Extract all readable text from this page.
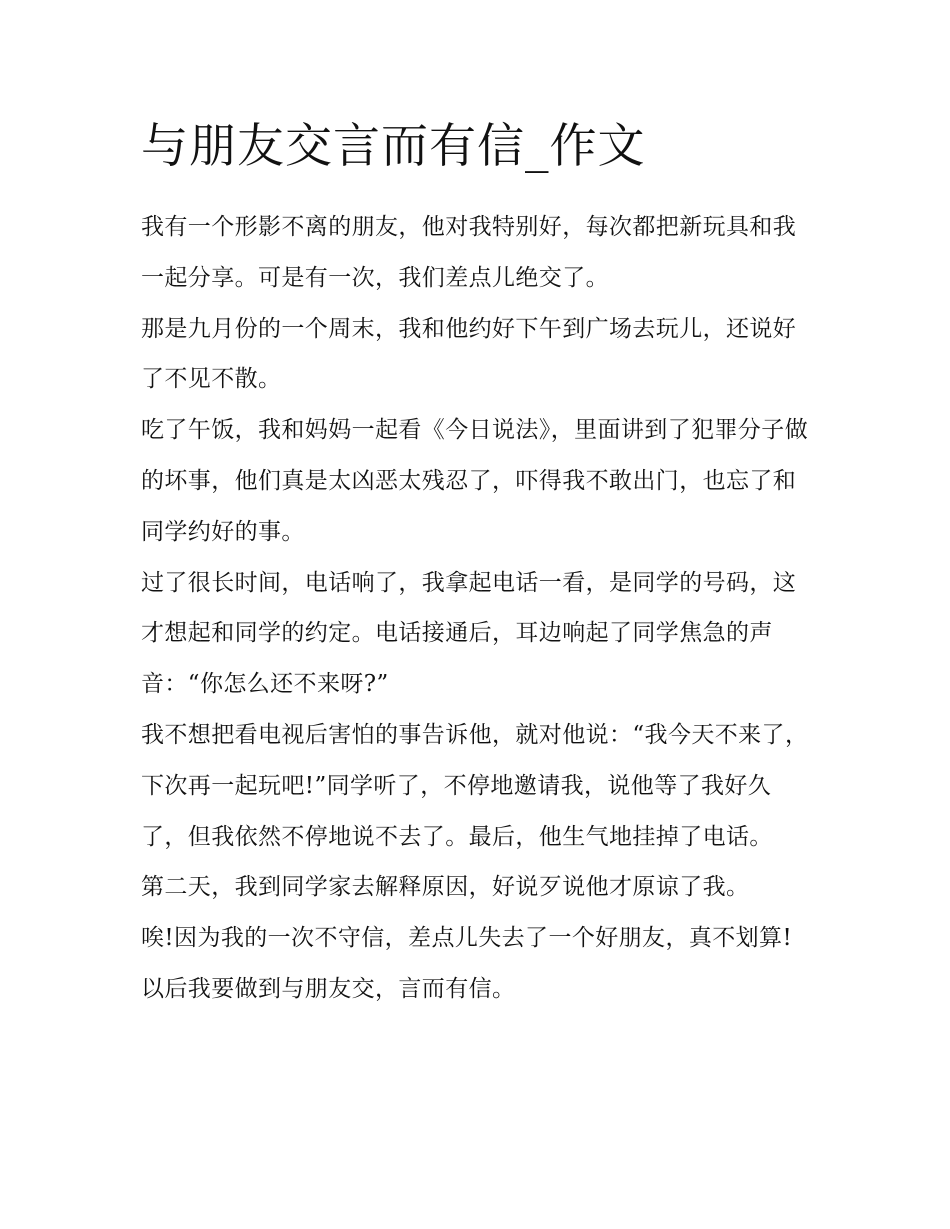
与朋友交言而有信_作文

我有一个形影不离的朋友，他对我特别好，每次都把新玩具和我一起分享。可是有一次，我们差点儿绝交了。

那是九月份的一个周末，我和他约好下午到广场去玩儿，还说好了不见不散。

吃了午饭，我和妈妈一起看《今日说法》，里面讲到了犯罪分子做的坏事，他们真是太凶恶太残忍了，吓得我不敢出门，也忘了和同学约好的事。

过了很长时间，电话响了，我拿起电话一看，是同学的号码，这才想起和同学的约定。电话接通后，耳边响起了同学焦急的声音：“你怎么还不来呀?”

我不想把看电视后害怕的事告诉他，就对他说：“我今天不来了，下次再一起玩吧!”同学听了，不停地邀请我，说他等了我好久了，但我依然不停地说不去了。最后，他生气地挂掉了电话。

第二天，我到同学家去解释原因，好说歹说他才原谅了我。

唉!因为我的一次不守信，差点儿失去了一个好朋友，真不划算!以后我要做到与朋友交，言而有信。
